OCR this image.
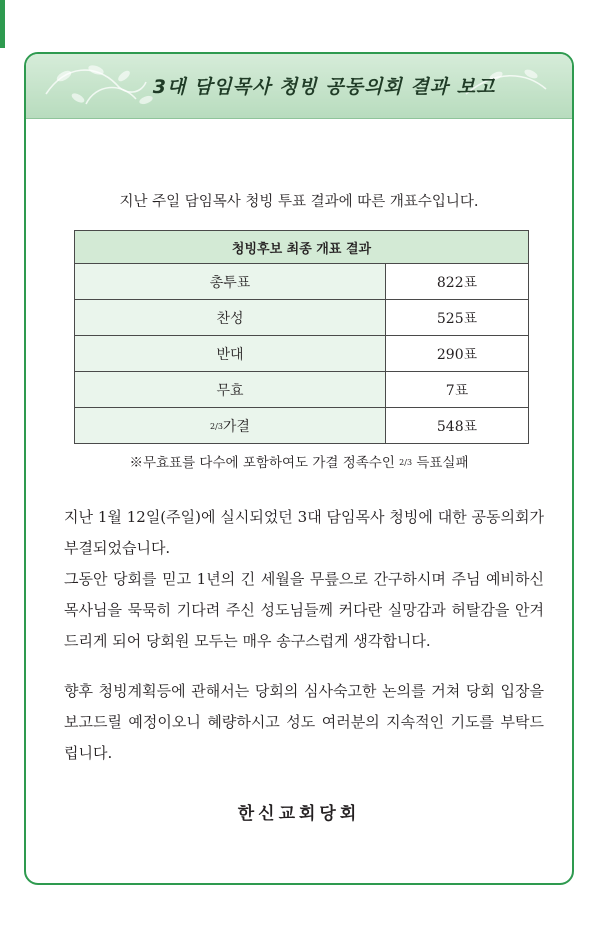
3대 담임목사 청빙 공동의회 결과 보고
지난 주일 담임목사 청빙 투표 결과에 따른 개표수입니다.
청빙후보 최종 개표 결과	
총투표	822표
찬성	525표
반대	290표
무효	7표
2/3가결	548표
※무효표를 다수에 포함하여도 가결 정족수인 2/3 득표실패

지난 1월 12일(주일)에 실시되었던 3대 담임목사 청빙에 대한 공동의회가 부결되었습니다.

그동안 당회를 믿고 1년의 긴 세월을 무릎으로 간구하시며 주님 예비하신 목사님을 묵묵히 기다려 주신 성도님들께 커다란 실망감과 허탈감을 안겨 드리게 되어 당회원 모두는 매우 송구스럽게 생각합니다.

향후 청빙계획등에 관해서는 당회의 심사숙고한 논의를 거쳐 당회 입장을 보고드릴 예정이오니 혜량하시고 성도 여러분의 지속적인 기도를 부탁드립니다.

한신교회당회
